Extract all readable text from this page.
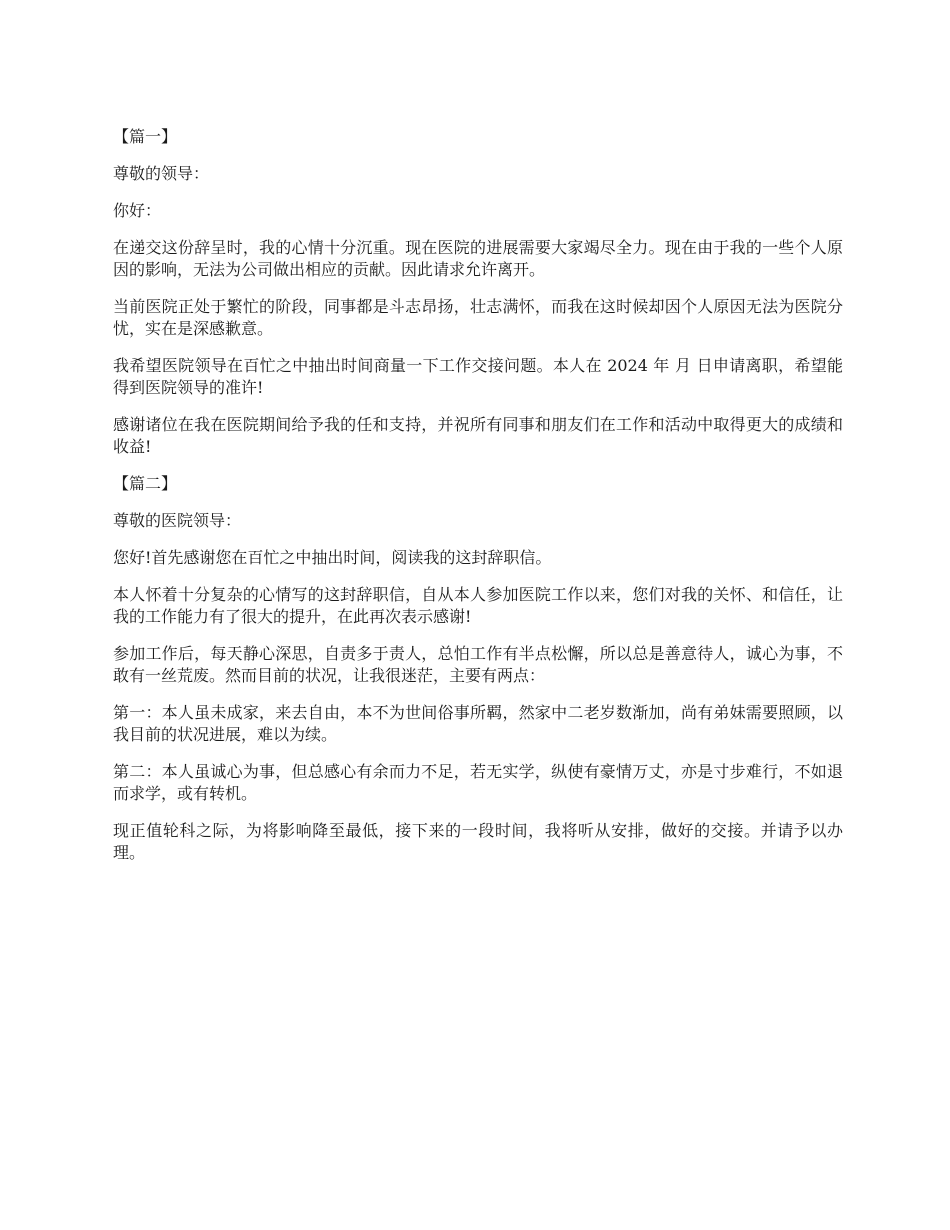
【篇一】

尊敬的领导：

你好：

在递交这份辞呈时，我的心情十分沉重。现在医院的进展需要大家竭尽全力。现在由于我的一些个人原因的影响，无法为公司做出相应的贡献。因此请求允许离开。

当前医院正处于繁忙的阶段，同事都是斗志昂扬，壮志满怀，而我在这时候却因个人原因无法为医院分忧，实在是深感歉意。

我希望医院领导在百忙之中抽出时间商量一下工作交接问题。本人在 2024 年 月 日申请离职，希望能得到医院领导的准许!

感谢诸位在我在医院期间给予我的任和支持，并祝所有同事和朋友们在工作和活动中取得更大的成绩和收益!

【篇二】

尊敬的医院领导：

您好!首先感谢您在百忙之中抽出时间，阅读我的这封辞职信。

本人怀着十分复杂的心情写的这封辞职信，自从本人参加医院工作以来，您们对我的关怀、和信任，让我的工作能力有了很大的提升，在此再次表示感谢!

参加工作后，每天静心深思，自责多于责人，总怕工作有半点松懈，所以总是善意待人，诚心为事，不敢有一丝荒废。然而目前的状况，让我很迷茫，主要有两点：

第一：本人虽未成家，来去自由，本不为世间俗事所羁，然家中二老岁数渐加，尚有弟妹需要照顾，以我目前的状况进展，难以为续。

第二：本人虽诚心为事，但总感心有余而力不足，若无实学，纵使有豪情万丈，亦是寸步难行，不如退而求学，或有转机。

现正值轮科之际，为将影响降至最低，接下来的一段时间，我将听从安排，做好的交接。并请予以办理。
